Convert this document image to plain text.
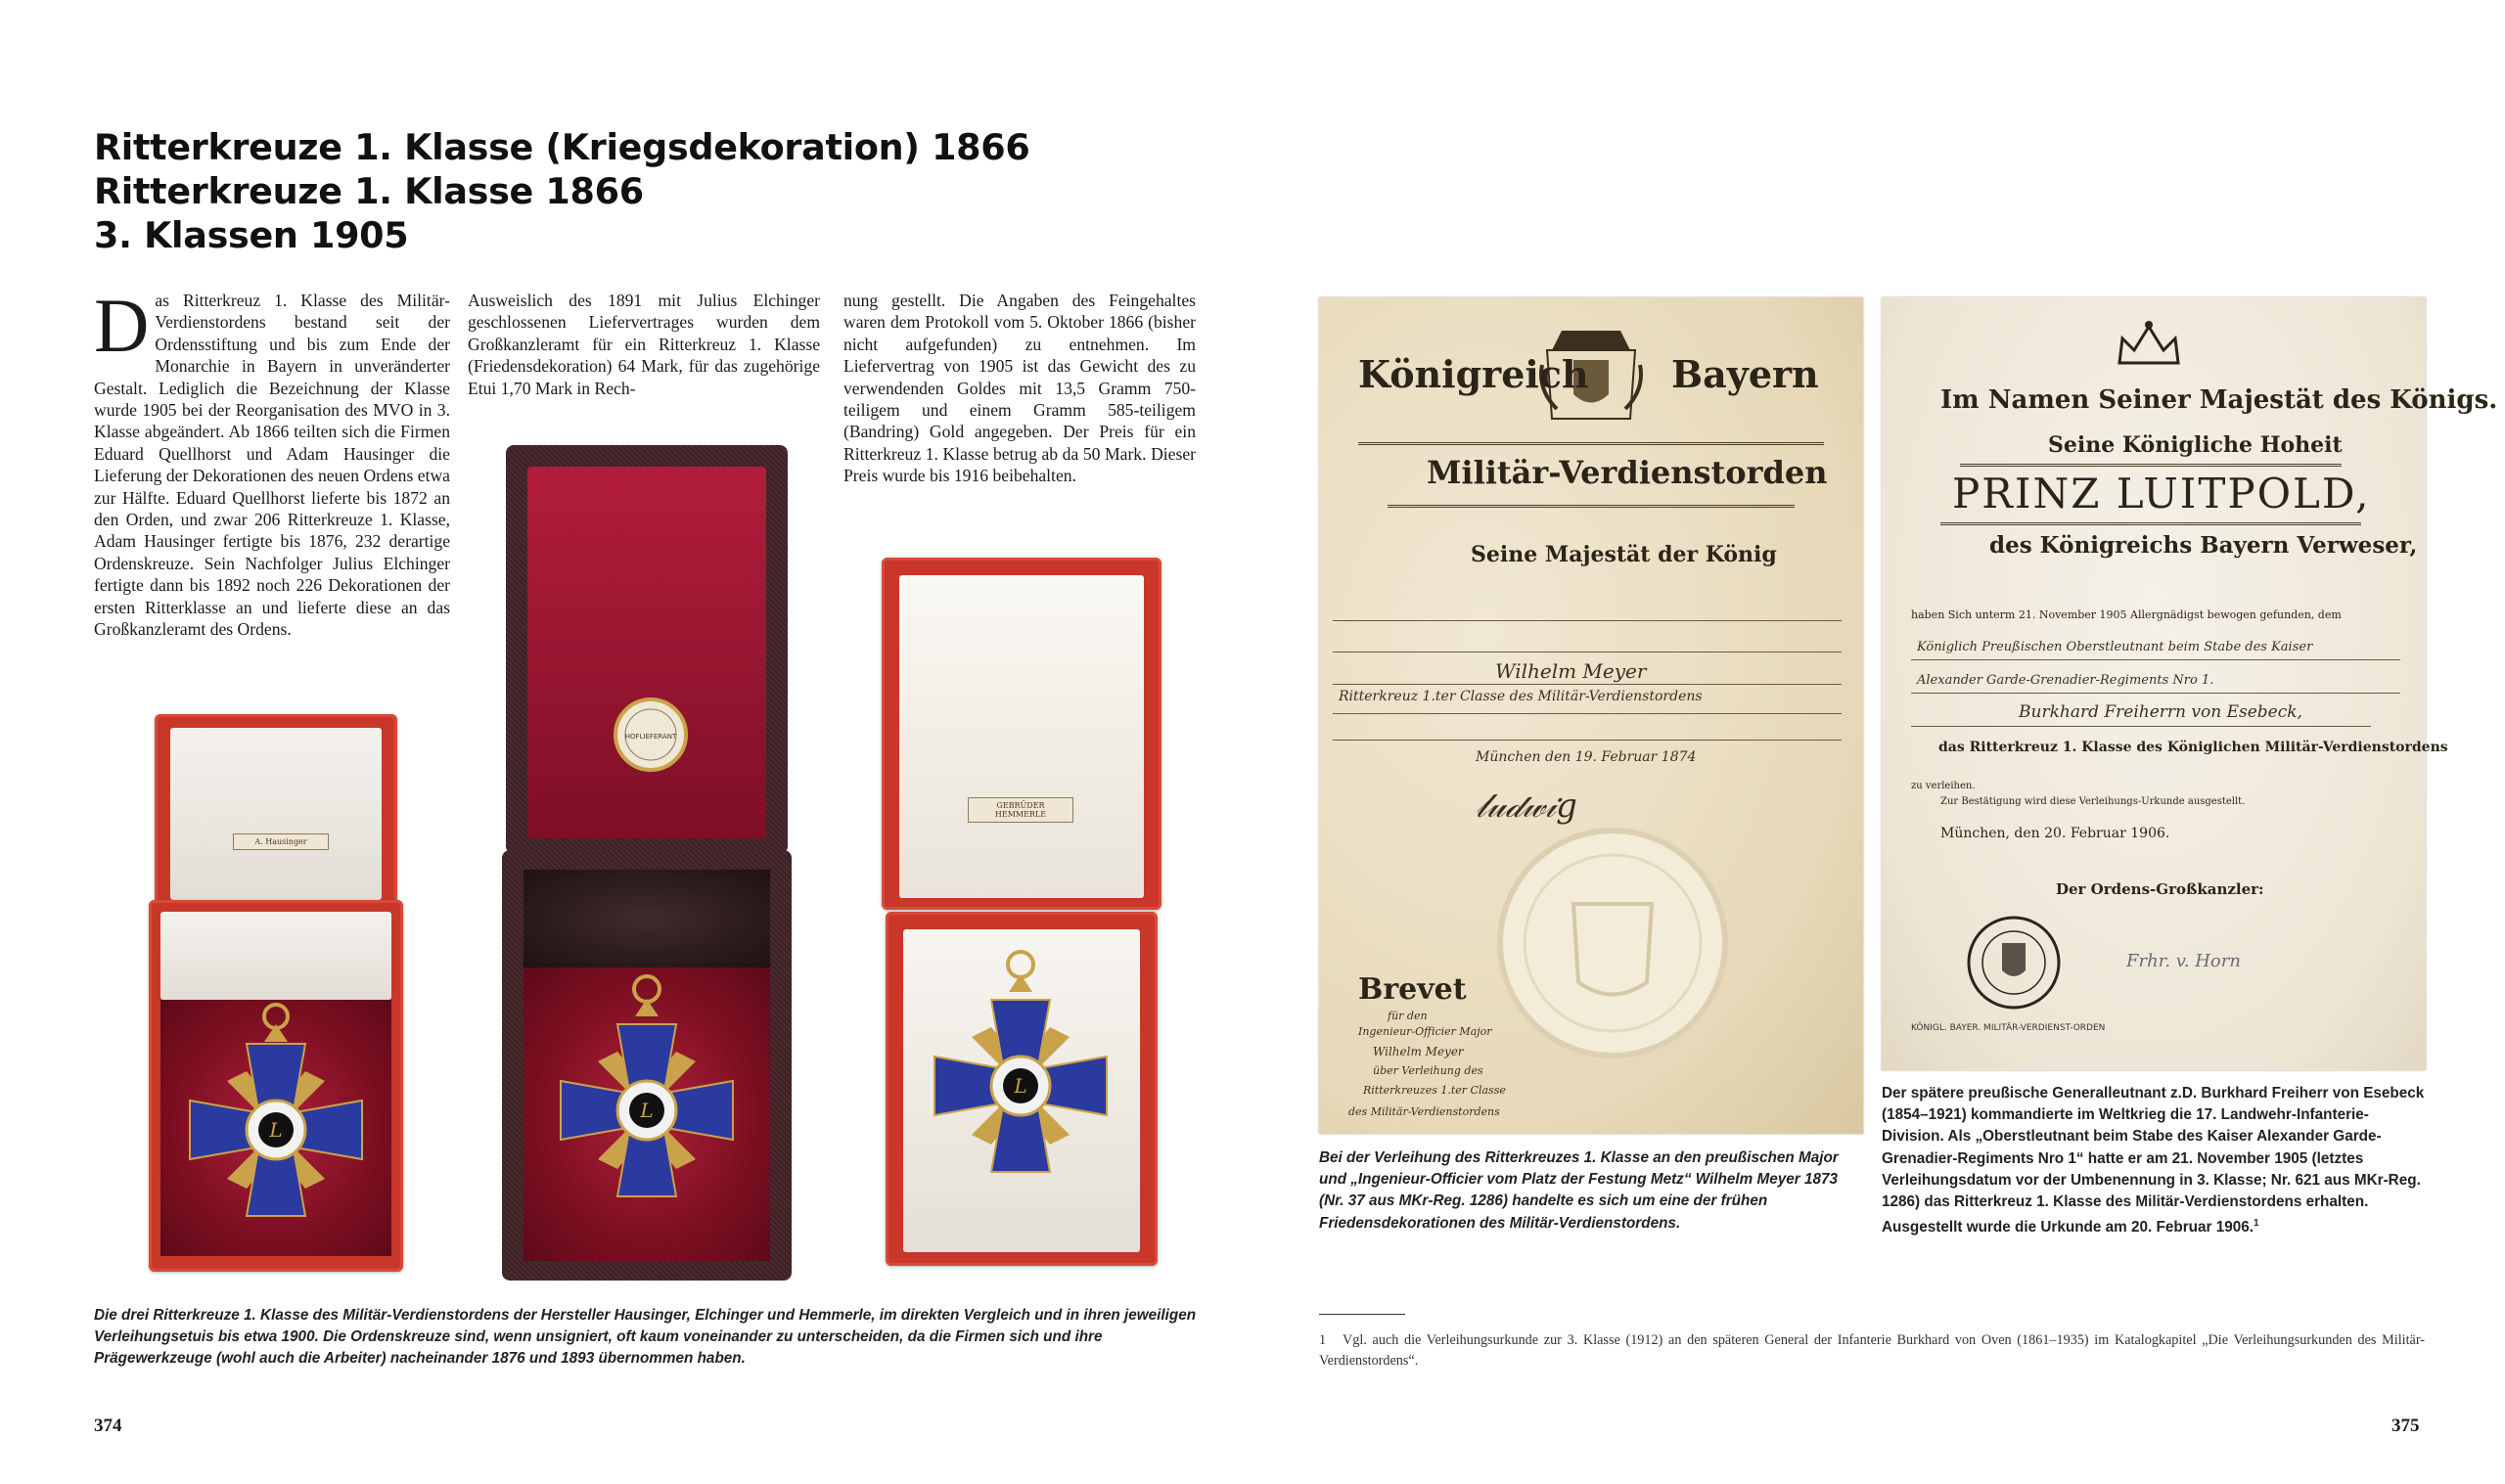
Ritterkreuze 1. Klasse (Kriegsdekoration) 1866
Ritterkreuze 1. Klasse 1866
3. Klassen 1905
Das Ritterkreuz 1. Klasse des Militär-Verdienstordens bestand seit der Ordensstiftung und bis zum Ende der Monarchie in Bayern in unveränderter Gestalt. Lediglich die Bezeichnung der Klasse wurde 1905 bei der Reorganisation des MVO in 3. Klasse abgeändert. Ab 1866 teilten sich die Firmen Eduard Quellhorst und Adam Hausinger die Lieferung der Dekorationen des neuen Ordens etwa zur Hälfte. Eduard Quellhorst lieferte bis 1872 an den Orden, und zwar 206 Ritterkreuze 1. Klasse, Adam Hausinger fertigte bis 1876, 232 derartige Ordenskreuze. Sein Nachfolger Julius Elchinger fertigte dann bis 1892 noch 226 Dekorationen der ersten Ritterklasse an und lieferte diese an das Großkanzleramt des Ordens.
Ausweislich des 1891 mit Julius Elchinger geschlossenen Liefervertrages wurden dem Großkanzleramt für ein Ritterkreuz 1. Klasse (Friedensdekoration) 64 Mark, für das zugehörige Etui 1,70 Mark in Rech-
nung gestellt. Die Angaben des Feingehaltes waren dem Protokoll vom 5. Oktober 1866 (bisher nicht aufgefunden) zu entnehmen. Im Liefervertrag von 1905 ist das Gewicht des zu verwendenden Goldes mit 13,5 Gramm 750-teiligem und einem Gramm 585-teiligem (Bandring) Gold angegeben. Der Preis für ein Ritterkreuz 1. Klasse betrug ab da 50 Mark. Dieser Preis wurde bis 1916 beibehalten.
A. Hausinger
L
HOFLIEFERANT
L
GEBRÜDER HEMMERLE
L
Die drei Ritterkreuze 1. Klasse des Militär-Verdienstordens der Hersteller Hausinger, Elchinger und Hemmerle, im direkten Vergleich und in ihren jeweiligen Verleihungsetuis bis etwa 1900. Die Ordenskreuze sind, wenn unsigniert, oft kaum voneinander zu unterscheiden, da die Firmen sich und ihre Prägewerkzeuge (wohl auch die Arbeiter) nacheinander 1876 und 1893 übernommen haben.
374
Königreich Bayern
Militär-Verdienstorden
Seine Majestät der König
Wilhelm Meyer
Ritterkreuz 1.ter Classe des Militär-Verdienstordens
München den 19. Februar 1874
𝓁𝓊𝒹𝓌𝒾𝑔
Brevet
für den
Ingenieur-Officier Major
Wilhelm Meyer
über Verleihung des
Ritterkreuzes 1.ter Classe
des Militär-Verdienstordens
Im Namen Seiner Majestät des Königs.
Seine Königliche Hoheit
PRINZ LUITPOLD,
des Königreichs Bayern Verweser,
haben Sich unterm 21. November 1905 Allergnädigst bewogen gefunden, dem
Königlich Preußischen Oberstleutnant beim Stabe des Kaiser
Alexander Garde-Grenadier-Regiments Nro 1.
Burkhard Freiherrn von Esebeck,
das Ritterkreuz 1. Klasse des Königlichen Militär-Verdienstordens
zu verleihen.
Zur Bestätigung wird diese Verleihungs-Urkunde ausgestellt.
München, den 20. Februar 1906.
Der Ordens-Großkanzler:
KÖNIGL. BAYER. MILITÄR-VERDIENST-ORDEN
Frhr. v. Horn
Bei der Verleihung des Ritterkreuzes 1. Klasse an den preußischen Major und „Ingenieur-Officier vom Platz der Festung Metz“ Wilhelm Meyer 1873 (Nr. 37 aus MKr-Reg. 1286) handelte es sich um eine der frühen Friedensdekorationen des Militär-Verdienstordens.
Der spätere preußische Generalleutnant z.D. Burkhard Freiherr von Esebeck (1854–1921) kommandierte im Weltkrieg die 17. Landwehr-Infanterie-Division. Als „Oberstleutnant beim Stabe des Kaiser Alexander Garde-Grenadier-Regiments Nro 1“ hatte er am 21. November 1905 (letztes Verleihungsdatum vor der Umbenennung in 3. Klasse; Nr. 621 aus MKr-Reg. 1286) das Ritterkreuz 1. Klasse des Militär-Verdienstordens erhalten. Ausgestellt wurde die Urkunde am 20. Februar 1906.$^1$
1 Vgl. auch die Verleihungsurkunde zur 3. Klasse (1912) an den späteren General der Infanterie Burkhard von Oven (1861–1935) im Katalogkapitel „Die Verleihungsurkunden des Militär-Verdienstordens“.
375
